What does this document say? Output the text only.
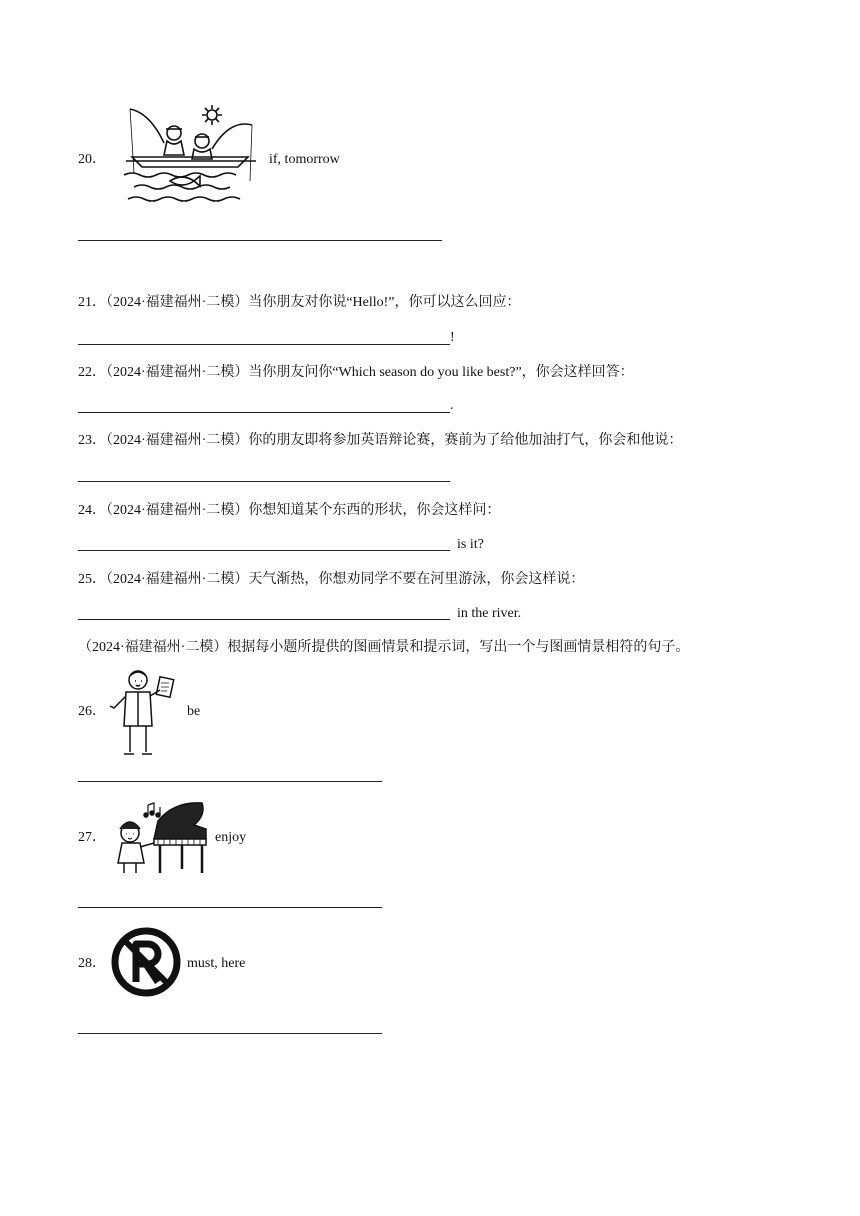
20．	if, tomorrow
21．（2024·福建福州·二模）当你朋友对你说“Hello!”，你可以这么回应：
!
22．（2024·福建福州·二模）当你朋友问你“Which season do you like best?”，你会这样回答：
.
23．（2024·福建福州·二模）你的朋友即将参加英语辩论赛，赛前为了给他加油打气，你会和他说：
24．（2024·福建福州·二模）你想知道某个东西的形状，你会这样问：
is it?
25．（2024·福建福州·二模）天气渐热，你想劝同学不要在河里游泳，你会这样说：
in the river.
（2024·福建福州·二模）根据每小题所提供的图画情景和提示词，写出一个与图画情景相符的句子。
26．	be
27．	enjoy
28．	must, here
